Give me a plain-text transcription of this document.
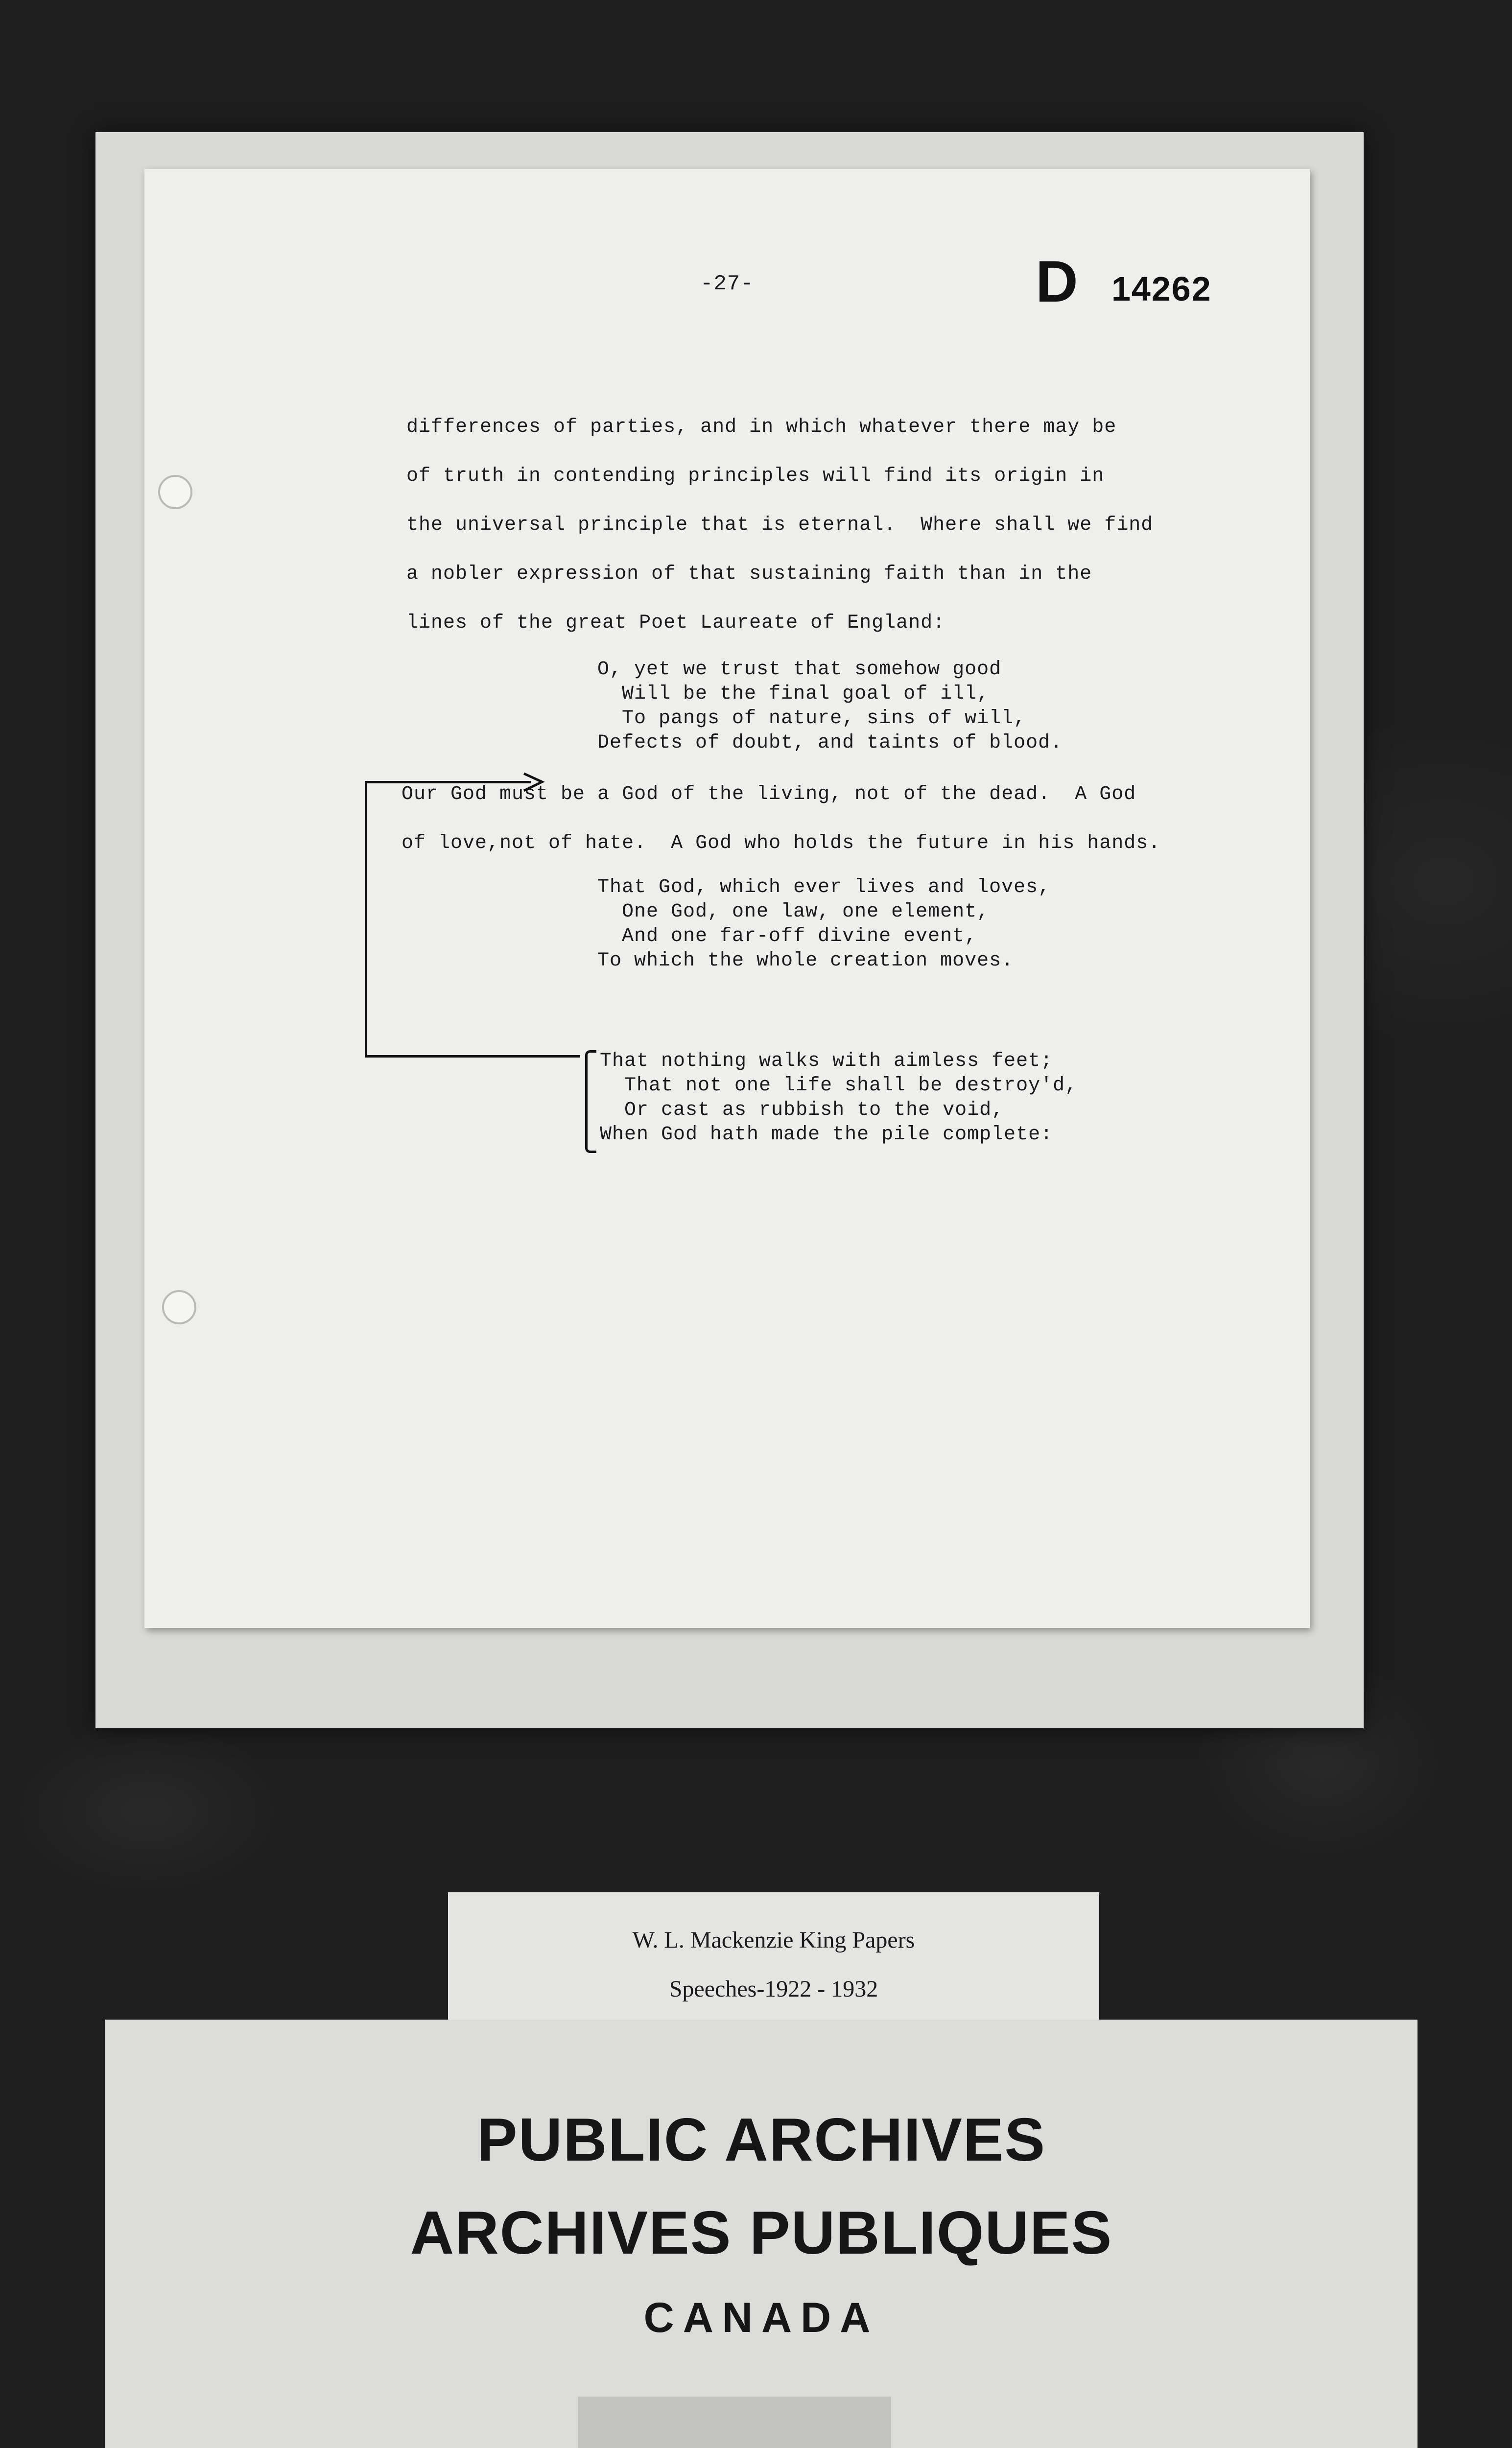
-27-	D 14262
differences of parties, and in which whatever there may be
of truth in contending principles will find its origin in
the universal principle that is eternal.  Where shall we find
a nobler expression of that sustaining faith than in the
lines of the great Poet Laureate of England:
O, yet we trust that somehow good
Will be the final goal of ill,
To pangs of nature, sins of will,
Defects of doubt, and taints of blood.
Our God must be a God of the living, not of the dead.  A God
of love,not of hate.  A God who holds the future in his hands.
That God, which ever lives and loves,
One God, one law, one element,
And one far-off divine event,
To which the whole creation moves.
That nothing walks with aimless feet;
That not one life shall be destroy'd,
Or cast as rubbish to the void,
When God hath made the pile complete:
W. L. Mackenzie King Papers
Speeches-1922 - 1932
PUBLIC ARCHIVES
ARCHIVES PUBLIQUES
CANADA
